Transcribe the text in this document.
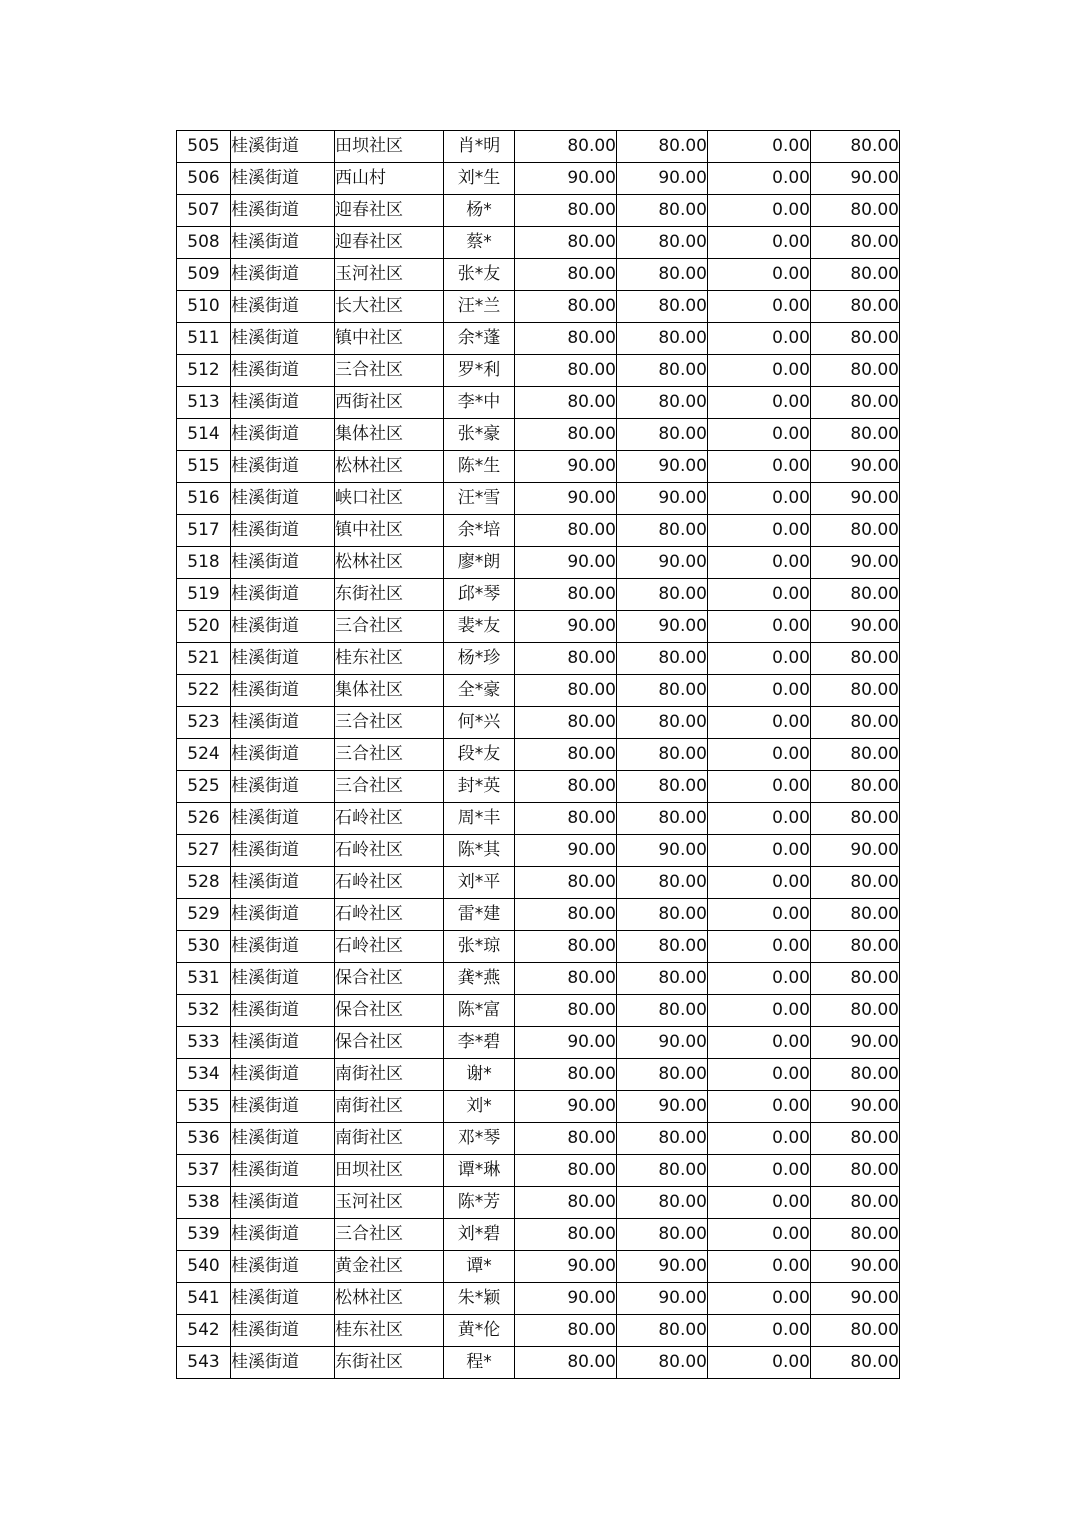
505	桂溪街道	田坝社区	肖*明	80.00	80.00	0.00	80.00
506	桂溪街道	西山村	刘*生	90.00	90.00	0.00	90.00
507	桂溪街道	迎春社区	杨*	80.00	80.00	0.00	80.00
508	桂溪街道	迎春社区	蔡*	80.00	80.00	0.00	80.00
509	桂溪街道	玉河社区	张*友	80.00	80.00	0.00	80.00
510	桂溪街道	长大社区	汪*兰	80.00	80.00	0.00	80.00
511	桂溪街道	镇中社区	余*蓬	80.00	80.00	0.00	80.00
512	桂溪街道	三合社区	罗*利	80.00	80.00	0.00	80.00
513	桂溪街道	西街社区	李*中	80.00	80.00	0.00	80.00
514	桂溪街道	集体社区	张*豪	80.00	80.00	0.00	80.00
515	桂溪街道	松林社区	陈*生	90.00	90.00	0.00	90.00
516	桂溪街道	峡口社区	汪*雪	90.00	90.00	0.00	90.00
517	桂溪街道	镇中社区	余*培	80.00	80.00	0.00	80.00
518	桂溪街道	松林社区	廖*朗	90.00	90.00	0.00	90.00
519	桂溪街道	东街社区	邱*琴	80.00	80.00	0.00	80.00
520	桂溪街道	三合社区	裴*友	90.00	90.00	0.00	90.00
521	桂溪街道	桂东社区	杨*珍	80.00	80.00	0.00	80.00
522	桂溪街道	集体社区	全*豪	80.00	80.00	0.00	80.00
523	桂溪街道	三合社区	何*兴	80.00	80.00	0.00	80.00
524	桂溪街道	三合社区	段*友	80.00	80.00	0.00	80.00
525	桂溪街道	三合社区	封*英	80.00	80.00	0.00	80.00
526	桂溪街道	石岭社区	周*丰	80.00	80.00	0.00	80.00
527	桂溪街道	石岭社区	陈*其	90.00	90.00	0.00	90.00
528	桂溪街道	石岭社区	刘*平	80.00	80.00	0.00	80.00
529	桂溪街道	石岭社区	雷*建	80.00	80.00	0.00	80.00
530	桂溪街道	石岭社区	张*琼	80.00	80.00	0.00	80.00
531	桂溪街道	保合社区	龚*燕	80.00	80.00	0.00	80.00
532	桂溪街道	保合社区	陈*富	80.00	80.00	0.00	80.00
533	桂溪街道	保合社区	李*碧	90.00	90.00	0.00	90.00
534	桂溪街道	南街社区	谢*	80.00	80.00	0.00	80.00
535	桂溪街道	南街社区	刘*	90.00	90.00	0.00	90.00
536	桂溪街道	南街社区	邓*琴	80.00	80.00	0.00	80.00
537	桂溪街道	田坝社区	谭*琳	80.00	80.00	0.00	80.00
538	桂溪街道	玉河社区	陈*芳	80.00	80.00	0.00	80.00
539	桂溪街道	三合社区	刘*碧	80.00	80.00	0.00	80.00
540	桂溪街道	黄金社区	谭*	90.00	90.00	0.00	90.00
541	桂溪街道	松林社区	朱*颖	90.00	90.00	0.00	90.00
542	桂溪街道	桂东社区	黄*伦	80.00	80.00	0.00	80.00
543	桂溪街道	东街社区	程*	80.00	80.00	0.00	80.00
